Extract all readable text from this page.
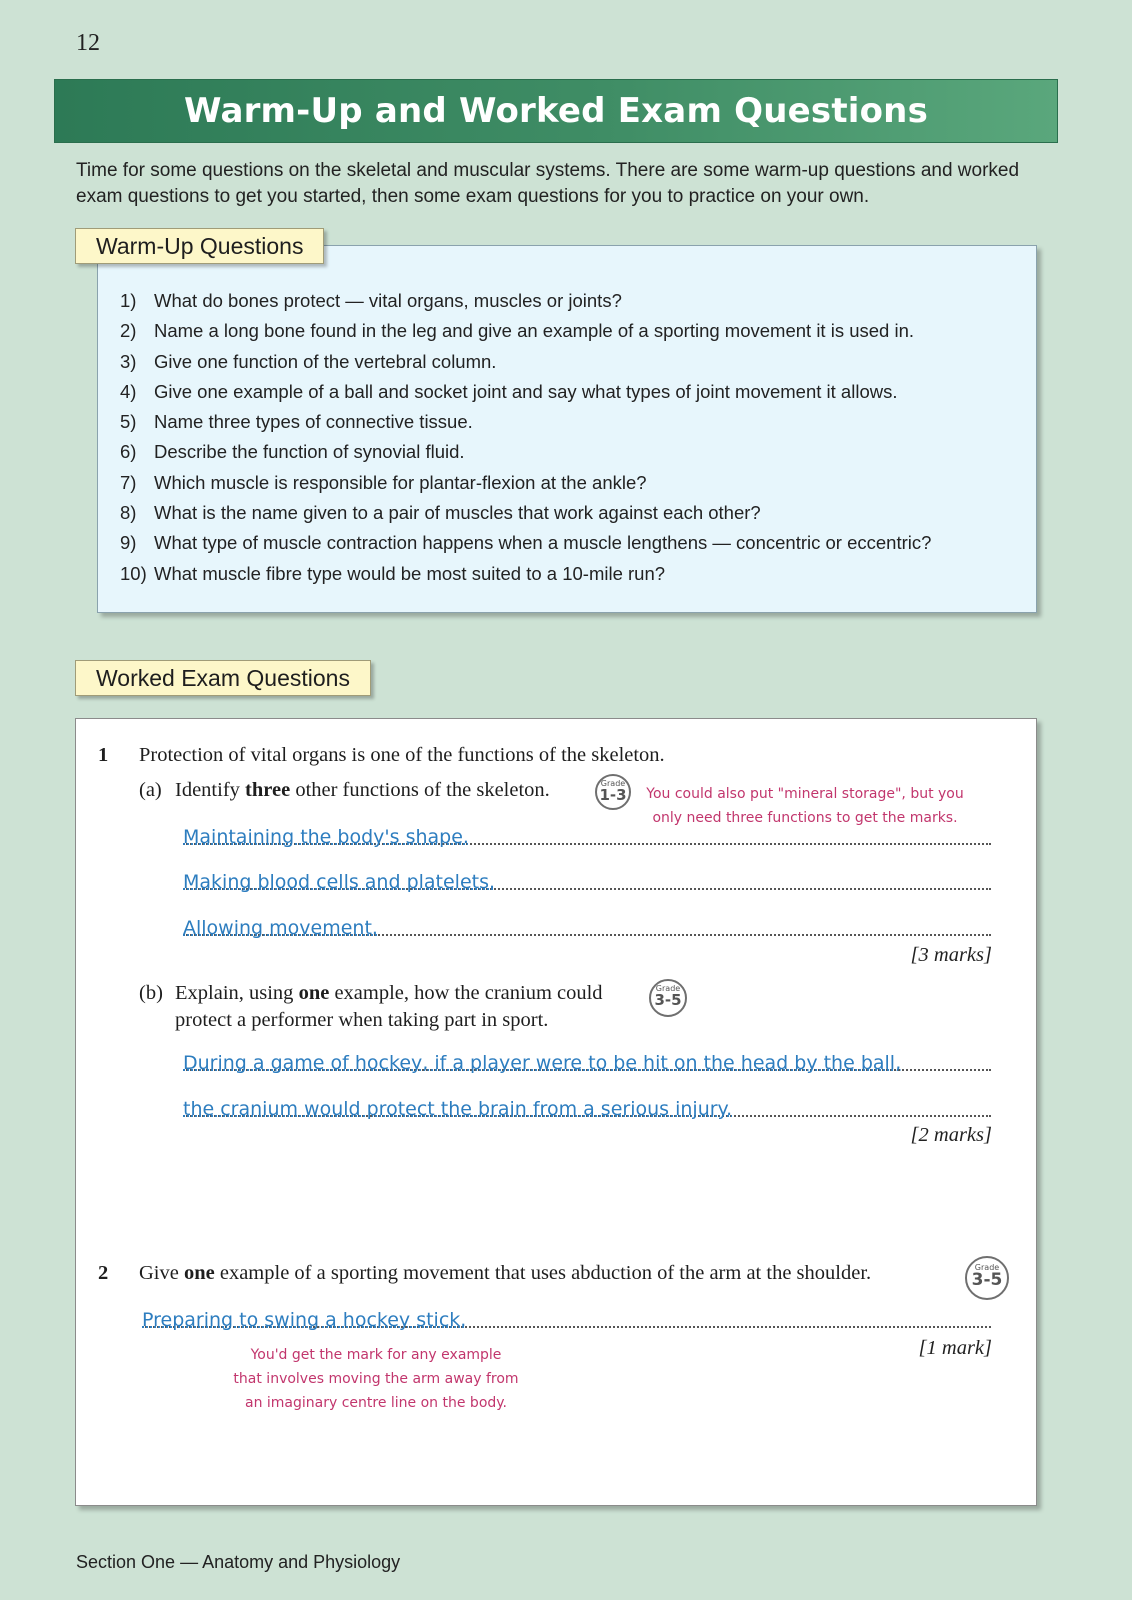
12
Warm-Up and Worked Exam Questions

Time for some questions on the skeletal and muscular systems. There are some warm-up questions and worked exam questions to get you started, then some exam questions for you to practice on your own.

Warm-Up Questions
1) What do bones protect — vital organs, muscles or joints?
2) Name a long bone found in the leg and give an example of a sporting movement it is used in.
3) Give one function of the vertebral column.
4) Give one example of a ball and socket joint and say what types of joint movement it allows.
5) Name three types of connective tissue.
6) Describe the function of synovial fluid.
7) Which muscle is responsible for plantar-flexion at the ankle?
8) What is the name given to a pair of muscles that work against each other?
9) What type of muscle contraction happens when a muscle lengthens — concentric or eccentric?
10) What muscle fibre type would be most suited to a 10-mile run?
Worked Exam Questions
1 Protection of vital organs is one of the functions of the skeleton.
(a) Identify three other functions of the skeleton.	Grade
1-3 You could also put "mineral storage", but you
only need three functions to get the marks.
Maintaining the body's shape.
Making blood cells and platelets.
Allowing movement.
[3 marks]
(b) Explain, using one example, how the cranium could
protect a performer when taking part in sport.
Grade
3-5
During a game of hockey, if a player were to be hit on the head by the ball,
the cranium would protect the brain from a serious injury.
[2 marks]
2 Give one example of a sporting movement that uses abduction of the arm at the shoulder.	Grade
3-5
Preparing to swing a hockey stick.
[1 mark]
You'd get the mark for any example
that involves moving the arm away from
an imaginary centre line on the body.
Section One — Anatomy and Physiology
